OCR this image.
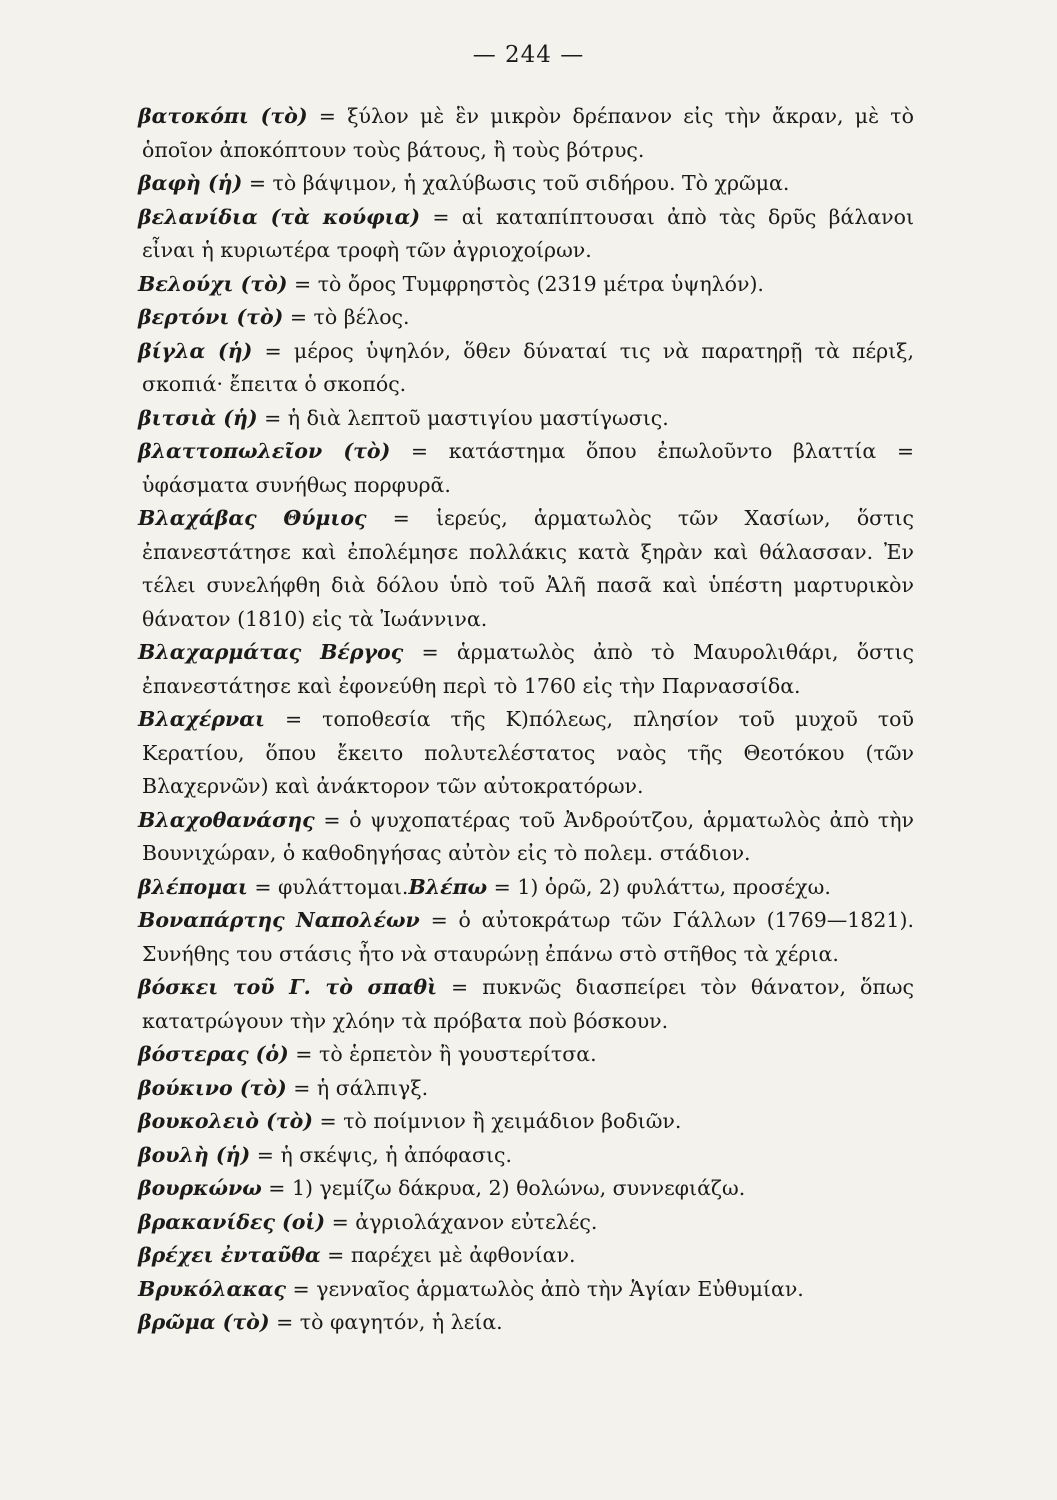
— 244 —

βατοκόπι (τὸ) = ξύλον μὲ ἓν μικρὸν δρέπανον εἰς τὴν ἄκραν, μὲ τὸ ὁποῖον ἀποκόπτουν τοὺς βάτους, ἢ τοὺς βότρυς.

βαφὴ (ἡ) = τὸ βάψιμον, ἡ χαλύβωσις τοῦ σιδήρου. Τὸ χρῶμα.

βελανίδια (τὰ κούφια) = αἱ καταπίπτουσαι ἀπὸ τὰς δρῦς βάλανοι εἶναι ἡ κυριωτέρα τροφὴ τῶν ἀγριοχοίρων.

Βελούχι (τὸ) = τὸ ὄρος Τυμφρηστὸς (2319 μέτρα ὑψηλόν).

βερτόνι (τὸ) = τὸ βέλος.

βίγλα (ἡ) = μέρος ὑψηλόν, ὅθεν δύναταί τις νὰ παρατηρῇ τὰ πέριξ, σκοπιά· ἔπειτα ὁ σκοπός.

βιτσιὰ (ἡ) = ἡ διὰ λεπτοῦ μαστιγίου μαστίγωσις.

βλαττοπωλεῖον (τὸ) = κατάστημα ὅπου ἐπωλοῦντο βλαττία = ὑφάσματα συνήθως πορφυρᾶ.

Βλαχάβας Θύμιος = ἱερεύς, ἁρματωλὸς τῶν Χασίων, ὅστις ἐπανεστάτησε καὶ ἐπολέμησε πολλάκις κατὰ ξηρὰν καὶ θάλασσαν. Ἐν τέλει συνελήφθη διὰ δόλου ὑπὸ τοῦ Ἀλῆ πασᾶ καὶ ὑπέστη μαρτυρικὸν θάνατον (1810) εἰς τὰ Ἰωάννινα.

Βλαχαρμάτας Βέργος = ἁρματωλὸς ἀπὸ τὸ Μαυρολιθάρι, ὅστις ἐπανεστάτησε καὶ ἐφονεύθη περὶ τὸ 1760 εἰς τὴν Παρνασσίδα.

Βλαχέρναι = τοποθεσία τῆς Κ)πόλεως, πλησίον τοῦ μυχοῦ τοῦ Κερατίου, ὅπου ἔκειτο πολυτελέστατος ναὸς τῆς Θεοτόκου (τῶν Βλαχερνῶν) καὶ ἀνάκτορον τῶν αὐτοκρατόρων.

Βλαχοθανάσης = ὁ ψυχοπατέρας τοῦ Ἀνδρούτζου, ἁρματωλὸς ἀπὸ τὴν Βουνιχώραν, ὁ καθοδηγήσας αὐτὸν εἰς τὸ πολεμ. στάδιον.

βλέπομαι = φυλάττομαι.Βλέπω = 1) ὁρῶ, 2) φυλάττω, προσέχω.

Βοναπάρτης Ναπολέων = ὁ αὐτοκράτωρ τῶν Γάλλων (1769—1821). Συνήθης του στάσις ἦτο νὰ σταυρώνῃ ἐπάνω στὸ στῆθος τὰ χέρια.

βόσκει τοῦ Γ. τὸ σπαθὶ = πυκνῶς διασπείρει τὸν θάνατον, ὅπως κατατρώγουν τὴν χλόην τὰ πρόβατα ποὺ βόσκουν.

βόστερας (ὁ) = τὸ ἑρπετὸν ἢ γουστερίτσα.

βούκινο (τὸ) = ἡ σάλπιγξ.

βουκολειὸ (τὸ) = τὸ ποίμνιον ἢ χειμάδιον βοδιῶν.

βουλὴ (ἡ) = ἡ σκέψις, ἡ ἀπόφασις.

βουρκώνω = 1) γεμίζω δάκρυα, 2) θολώνω, συννεφιάζω.

βρακανίδες (οἱ) = ἀγριολάχανον εὐτελές.

βρέχει ἐνταῦθα = παρέχει μὲ ἀφθονίαν.

Βρυκόλακας = γενναῖος ἁρματωλὸς ἀπὸ τὴν Ἁγίαν Εὐθυμίαν.

βρῶμα (τὸ) = τὸ φαγητόν, ἡ λεία.
